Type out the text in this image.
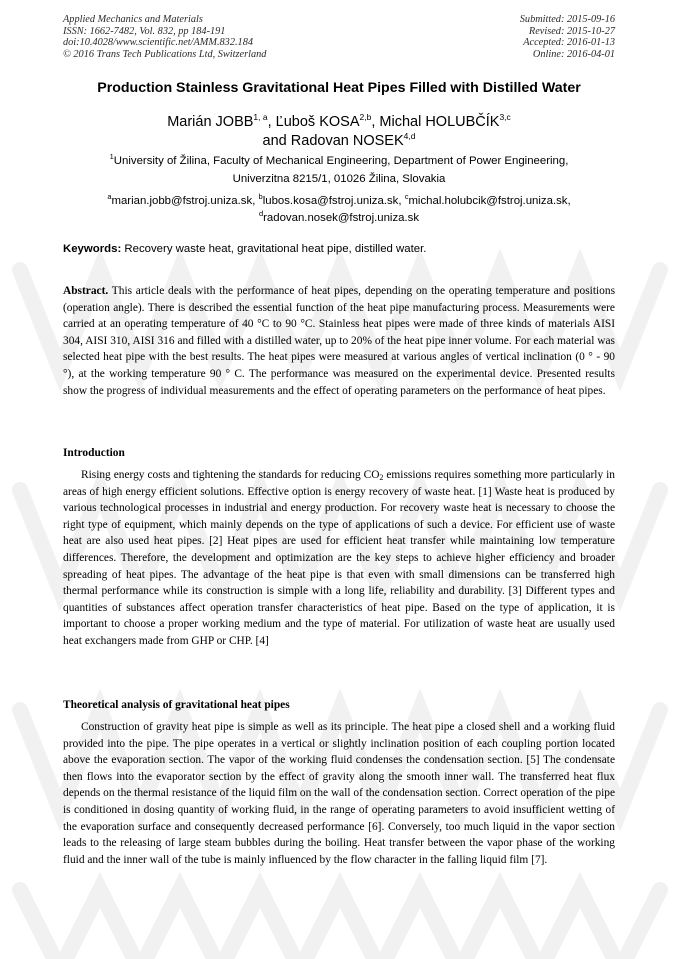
Applied Mechanics and Materials
ISSN: 1662-7482, Vol. 832, pp 184-191
doi:10.4028/www.scientific.net/AMM.832.184
© 2016 Trans Tech Publications Ltd, Switzerland
Submitted: 2015-09-16
Revised: 2015-10-27
Accepted: 2016-01-13
Online: 2016-04-01
Production Stainless Gravitational Heat Pipes Filled with Distilled Water
Marián JOBB$^{1, a}$, Ľuboš KOSA$^{2,b}$, Michal HOLUBČÍK$^{3,c}$
and Radovan NOSEK$^{4,d}$
$^1$University of Žilina, Faculty of Mechanical Engineering, Department of Power Engineering,
Univerzitna 8215/1, 01026 Žilina, Slovakia
$^a$marian.jobb@fstroj.uniza.sk, $^b$lubos.kosa@fstroj.uniza.sk, $^c$michal.holubcik@fstroj.uniza.sk,
$^d$radovan.nosek@fstroj.uniza.sk
Keywords: Recovery waste heat, gravitational heat pipe, distilled water.
Abstract. This article deals with the performance of heat pipes, depending on the operating temperature and positions (operation angle). There is described the essential function of the heat pipe manufacturing process. Measurements were carried at an operating temperature of 40 °C to 90 °C. Stainless heat pipes were made of three kinds of materials AISI 304, AISI 310, AISI 316 and filled with a distilled water, up to 20% of the heat pipe inner volume. For each material was selected heat pipe with the best results. The heat pipes were measured at various angles of vertical inclination (0 ° - 90 °), at the working temperature 90 ° C. The performance was measured on the experimental device. Presented results show the progress of individual measurements and the effect of operating parameters on the performance of heat pipes.
Introduction
Rising energy costs and tightening the standards for reducing $CO_2$ emissions requires something more particularly in areas of high energy efficient solutions. Effective option is energy recovery of waste heat. [1] Waste heat is produced by various technological processes in industrial and energy production. For recovery waste heat is necessary to choose the right type of equipment, which mainly depends on the type of applications of such a device. For efficient use of waste heat are also used heat pipes. [2] Heat pipes are used for efficient heat transfer while maintaining low temperature differences. Therefore, the development and optimization are the key steps to achieve higher efficiency and broader spreading of heat pipes. The advantage of the heat pipe is that even with small dimensions can be transferred high thermal performance while its construction is simple with a long life, reliability and durability. [3] Different types and quantities of substances affect operation transfer characteristics of heat pipe. Based on the type of application, it is important to choose a proper working medium and the type of material. For utilization of waste heat are usually used heat exchangers made from GHP or CHP. [4]
Theoretical analysis of gravitational heat pipes
Construction of gravity heat pipe is simple as well as its principle. The heat pipe a closed shell and a working fluid provided into the pipe. The pipe operates in a vertical or slightly inclination position of each coupling portion located above the evaporation section. The vapor of the working fluid condenses the condensation section. [5] The condensate then flows into the evaporator section by the effect of gravity along the smooth inner wall. The transferred heat flux depends on the thermal resistance of the liquid film on the wall of the condensation section. Correct operation of the pipe is conditioned in dosing quantity of working fluid, in the range of operating parameters to avoid insufficient wetting of the evaporation surface and consequently decreased performance [6]. Conversely, too much liquid in the vapor section leads to the releasing of large steam bubbles during the boiling. Heat transfer between the vapor phase of the working fluid and the inner wall of the tube is mainly influenced by the flow character in the falling liquid film [7].
